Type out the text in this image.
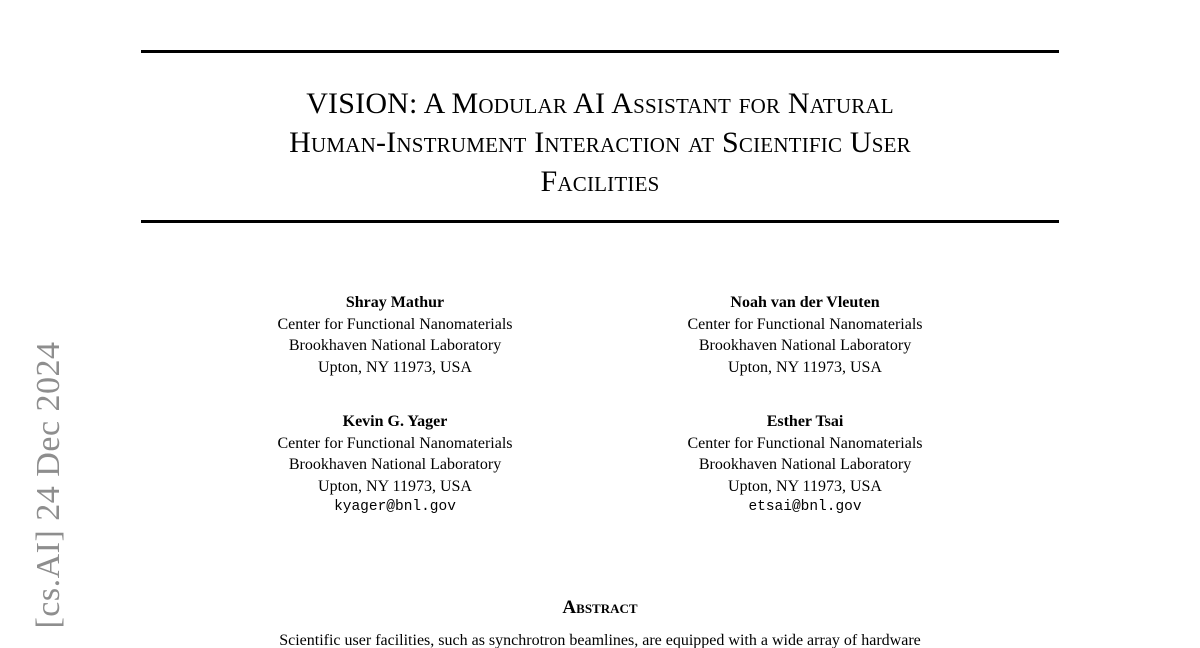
[cs.AI] 24 Dec 2024
VISION: A Modular AI Assistant for Natural
Human-Instrument Interaction at Scientific User
Facilities
Shray Mathur
Center for Functional Nanomaterials
Brookhaven National Laboratory
Upton, NY 11973, USA
Noah van der Vleuten
Center for Functional Nanomaterials
Brookhaven National Laboratory
Upton, NY 11973, USA
Kevin G. Yager
Center for Functional Nanomaterials
Brookhaven National Laboratory
Upton, NY 11973, USA
kyager@bnl.gov
Esther Tsai
Center for Functional Nanomaterials
Brookhaven National Laboratory
Upton, NY 11973, USA
etsai@bnl.gov
Abstract

Scientific user facilities, such as synchrotron beamlines, are equipped with a wide array of hardware
